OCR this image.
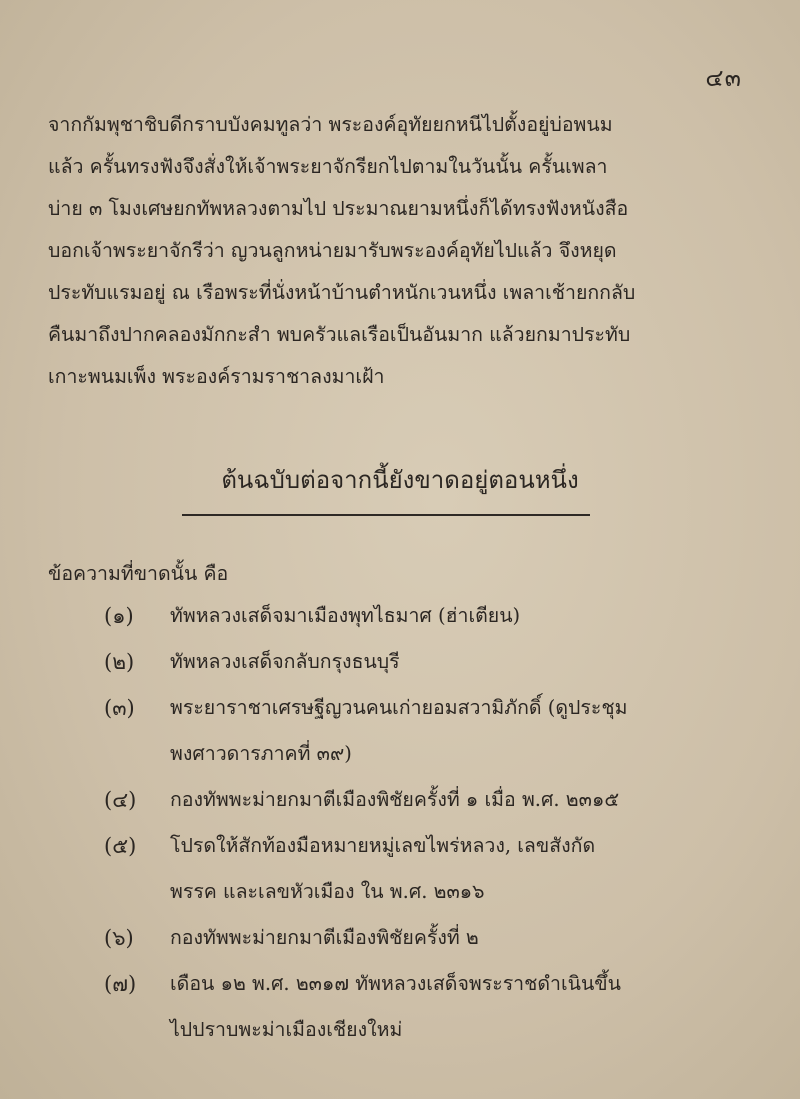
๔๓
จากกัมพุชาชิบดีกราบบังคมทูลว่า พระองค์อุทัยยกหนีไปตั้งอยู่บ่อพนม
แล้ว ครั้นทรงฟังจึงสั่งให้เจ้าพระยาจักรียกไปตามในวันนั้น ครั้นเพลา
บ่าย ๓ โมงเศษยกทัพหลวงตามไป ประมาณยามหนึ่งก็ได้ทรงฟังหนังสือ
บอกเจ้าพระยาจักรีว่า ญวนลูกหน่ายมารับพระองค์อุทัยไปแล้ว จึงหยุด
ประทับแรมอยู่ ณ เรือพระที่นั่งหน้าบ้านตำหนักเวนหนึ่ง เพลาเช้ายกกลับ
คืนมาถึงปากคลองมักกะสำ พบครัวแลเรือเป็นอันมาก แล้วยกมาประทับ
เกาะพนมเพ็ง พระองค์รามราชาลงมาเฝ้า
ต้นฉบับต่อจากนี้ยังขาดอยู่ตอนหนึ่ง
ข้อความที่ขาดนั้น คือ
(๑)	ทัพหลวงเสด็จมาเมืองพุทไธมาศ (ฮ่าเตียน)
(๒)	ทัพหลวงเสด็จกลับกรุงธนบุรี
(๓)	พระยาราชาเศรษฐีญวนคนเก่ายอมสวามิภักดิ์ (ดูประชุม
พงศาวดารภาคที่ ๓๙)
(๔)	กองทัพพะม่ายกมาตีเมืองพิชัยครั้งที่ ๑ เมื่อ พ.ศ. ๒๓๑๕
(๕)	โปรดให้สักท้องมือหมายหมู่เลขไพร่หลวง, เลขสังกัด
พรรค และเลขหัวเมือง ใน พ.ศ. ๒๓๑๖
(๖)	กองทัพพะม่ายกมาตีเมืองพิชัยครั้งที่ ๒
(๗)	เดือน ๑๒ พ.ศ. ๒๓๑๗ ทัพหลวงเสด็จพระราชดำเนินขึ้น
ไปปราบพะม่าเมืองเชียงใหม่
